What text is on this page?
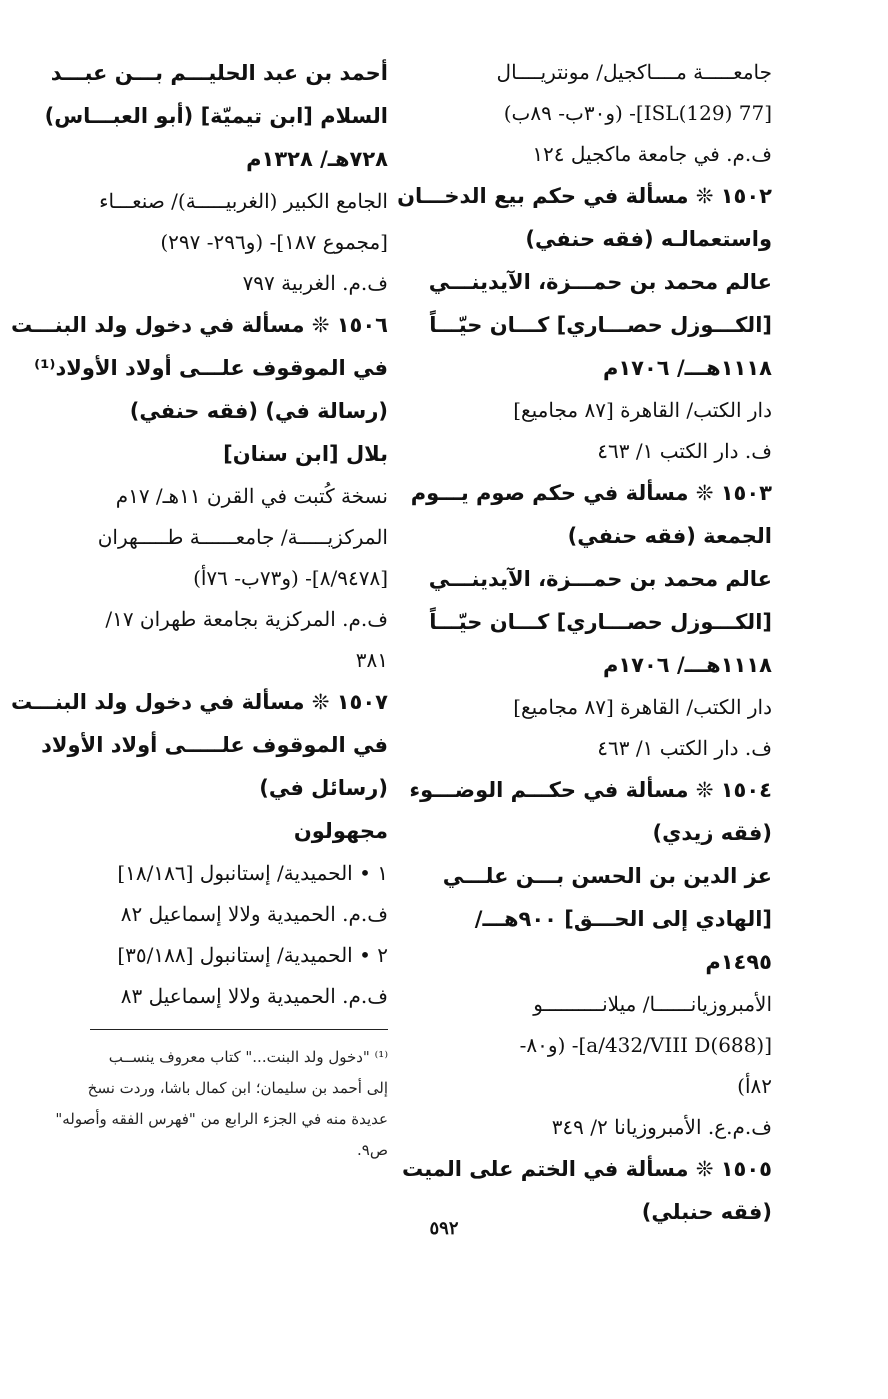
جامعـــــة مــــاكجيل/ مونتريــــال
[77 ISL(129)]- (و٣٠ب- ٨٩ب)
ف.م. في جامعة ماكجيل ١٢٤
١٥٠٢ ❊ مسألة في حكم بيع الدخـــان
واستعمالـه (فقه حنفي)
عالم محمد بن حمـــزة، الآيدينـــي
[الكـــوزل حصـــاري] كـــان حيّـــاً
١١١٨هـــ/ ١٧٠٦م
دار الكتب/ القاهرة [٨٧ مجاميع]
ف. دار الكتب ١/ ٤٦٣
١٥٠٣ ❊ مسألة في حكم صوم يـــوم
الجمعة (فقه حنفي)
عالم محمد بن حمـــزة، الآيدينـــي
[الكـــوزل حصـــاري] كـــان حيّـــاً
١١١٨هـــ/ ١٧٠٦م
دار الكتب/ القاهرة [٨٧ مجاميع]
ف. دار الكتب ١/ ٤٦٣
١٥٠٤ ❊ مسألة في حكـــم الوضـــوء
(فقه زيدي)
عز الدين بن الحسن بـــن علـــي
[الهادي إلى الحـــق] ٩٠٠هـــ/
١٤٩٥م
الأمبروزيانــــــا/ ميلانــــــــــو
[a/432/VIII D(688)]- (و٨٠-
٨٢أ)
ف.م.ع. الأمبروزيانا ٢/ ٣٤٩
١٥٠٥ ❊ مسألة في الختم على الميت
(فقه حنبلي)
أحمد بن عبد الحليـــم بـــن عبـــد
السلام [ابن تيميّة] (أبو العبـــاس)
٧٢٨هـ/ ١٣٢٨م
الجامع الكبير (الغربيـــــة)/ صنعـــاء
[مجموع ١٨٧]- (و٢٩٦- ٢٩٧)
ف.م. الغربية ٧٩٧
١٥٠٦ ❊ مسألة في دخول ولد البنـــت
في الموقوف علـــى أولاد الأولاد⁽¹⁾
(رسالة في) (فقه حنفي)
بلال [ابن سنان]
نسخة كُتبت في القرن ١١هـ/ ١٧م
المركزيـــــة/ جامعــــــة طـــــهران
[٨/٩٤٧٨]- (و٧٣ب- ٧٦أ)
ف.م. المركزية بجامعة طهران ١٧/
٣٨١
١٥٠٧ ❊ مسألة في دخول ولد البنـــت
في الموقوف علـــــى أولاد الأولاد
(رسائل في)
مجهولون
١ • الحميدية/ إستانبول [١٨/١٨٦]
ف.م. الحميدية ولالا إسماعيل ٨٢
٢ • الحميدية/ إستانبول [٣٥/١٨٨]
ف.م. الحميدية ولالا إسماعيل ٨٣
⁽¹⁾ "دخول ولد البنت..." كتاب معروف ينســب
إلى أحمد بن سليمان؛ ابن كمال باشا، وردت نسخ
عديدة منه في الجزء الرابع من "فهرس الفقه وأصوله"
ص٩.
٥٩٢
